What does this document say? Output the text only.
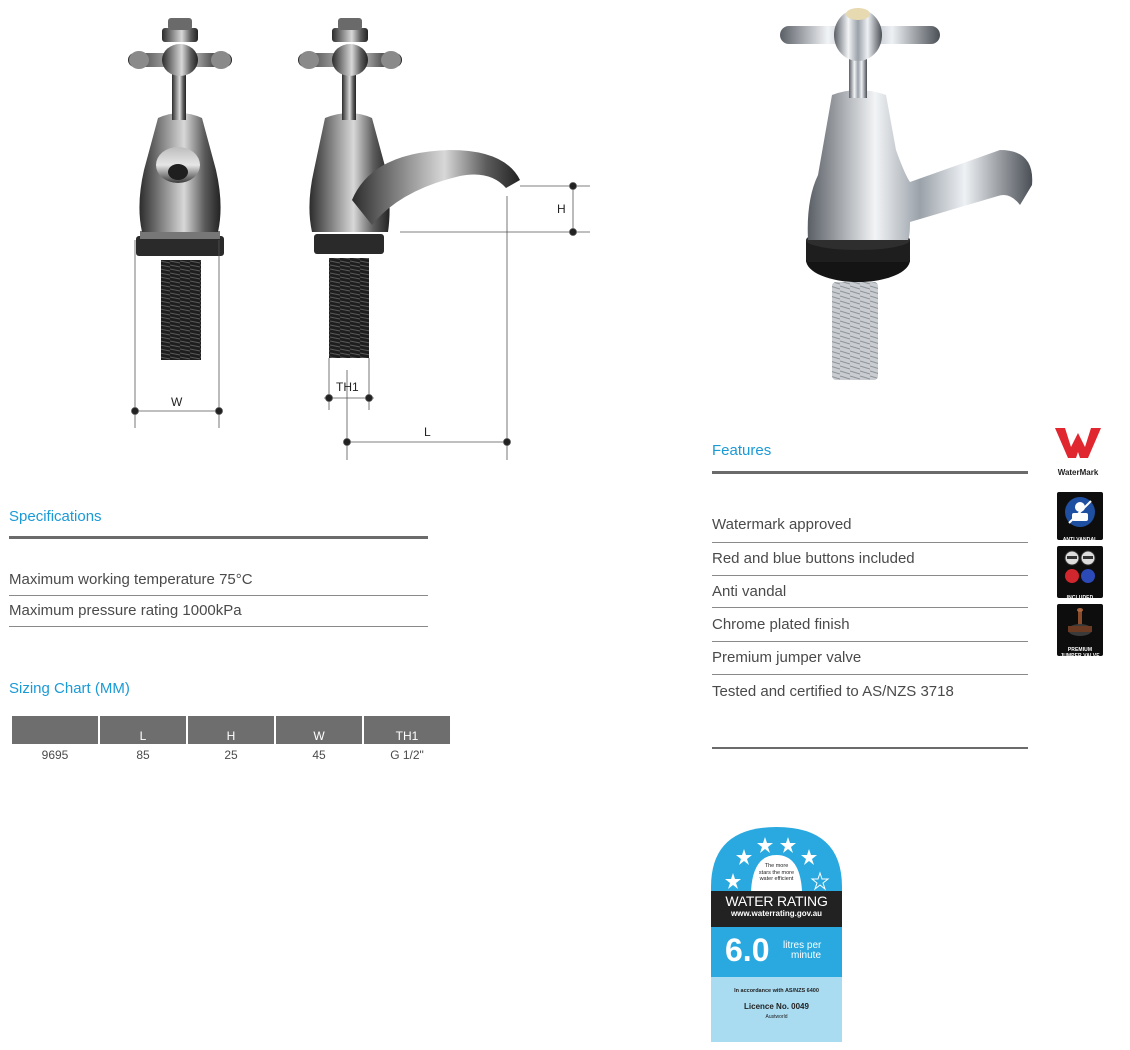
W
TH1
L
H
Specifications
Maximum working temperature 75°C
Maximum pressure rating 1000kPa
Sizing Chart (MM)
	L	H	W	TH1
9695	85	25	45	G 1/2"
Features
Watermark approved
Red and blue buttons included
Anti vandal
Chrome plated finish
Premium jumper valve
Tested and certified to AS/NZS 3718
WaterMark
ANTI VANDAL
INCLUDED
PREMIUM
JUMPER VALVE
The more
stars the more
water efficient
WATER RATING
www.waterrating.gov.au
6.0 litres per
minute
In accordance with AS/NZS 6400
Licence No. 0049
Austworld
